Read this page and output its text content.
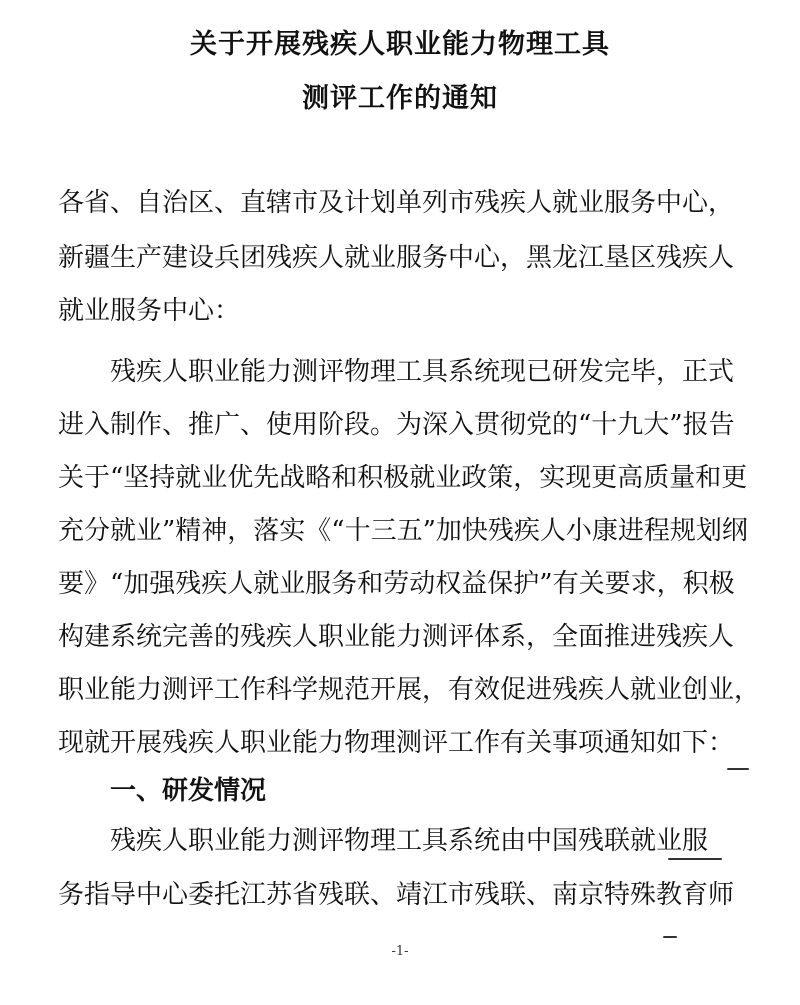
关于开展残疾人职业能力物理工具
测评工作的通知
各省、自治区、直辖市及计划单列市残疾人就业服务中心，
新疆生产建设兵团残疾人就业服务中心，黑龙江垦区残疾人
就业服务中心：
残疾人职业能力测评物理工具系统现已研发完毕，正式
进入制作、推广、使用阶段。为深入贯彻党的“十九大”报告
关于“坚持就业优先战略和积极就业政策，实现更高质量和更
充分就业”精神，落实《“十三五”加快残疾人小康进程规划纲
要》“加强残疾人就业服务和劳动权益保护”有关要求，积极
构建系统完善的残疾人职业能力测评体系，全面推进残疾人
职业能力测评工作科学规范开展，有效促进残疾人就业创业，
现就开展残疾人职业能力物理测评工作有关事项通知如下：
一、研发情况
残疾人职业能力测评物理工具系统由中国残联就业服
务指导中心委托江苏省残联、靖江市残联、南京特殊教育师
-1-
